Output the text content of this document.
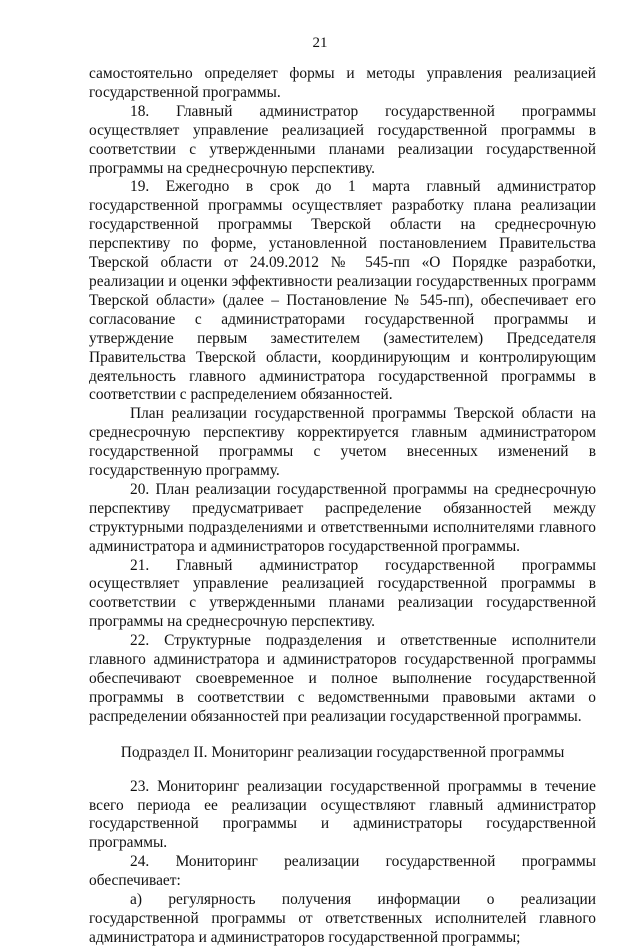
21

самостоятельно определяет формы и методы управления реализацией государственной программы.

18. Главный администратор государственной программы осуществляет управление реализацией государственной программы в соответствии с утвержденными планами реализации государственной программы на среднесрочную перспективу.

19. Ежегодно в срок до 1 марта главный администратор государственной программы осуществляет разработку плана реализации государственной программы Тверской области на среднесрочную перспективу по форме, установленной постановлением Правительства Тверской области от 24.09.2012 № 545-пп «О Порядке разработки, реализации и оценки эффективности реализации государственных программ Тверской области» (далее – Постановление № 545-пп), обеспечивает его согласование с администраторами государственной программы и утверждение первым заместителем (заместителем) Председателя Правительства Тверской области, координирующим и контролирующим деятельность главного администратора государственной программы в соответствии с распределением обязанностей.

План реализации государственной программы Тверской области на среднесрочную перспективу корректируется главным администратором государственной программы с учетом внесенных изменений в государственную программу.

20. План реализации государственной программы на среднесрочную перспективу предусматривает распределение обязанностей между структурными подразделениями и ответственными исполнителями главного администратора и администраторов государственной программы.

21. Главный администратор государственной программы осуществляет управление реализацией государственной программы в соответствии с утвержденными планами реализации государственной программы на среднесрочную перспективу.

22. Структурные подразделения и ответственные исполнители главного администратора и администраторов государственной программы обеспечивают своевременное и полное выполнение государственной программы в соответствии с ведомственными правовыми актами о распределении обязанностей при реализации государственной программы.

Подраздел II. Мониторинг реализации государственной программы

23. Мониторинг реализации государственной программы в течение всего периода ее реализации осуществляют главный администратор государственной программы и администраторы государственной программы.

24. Мониторинг реализации государственной программы обеспечивает:

а) регулярность получения информации о реализации государственной программы от ответственных исполнителей главного администратора и администраторов государственной программы;
